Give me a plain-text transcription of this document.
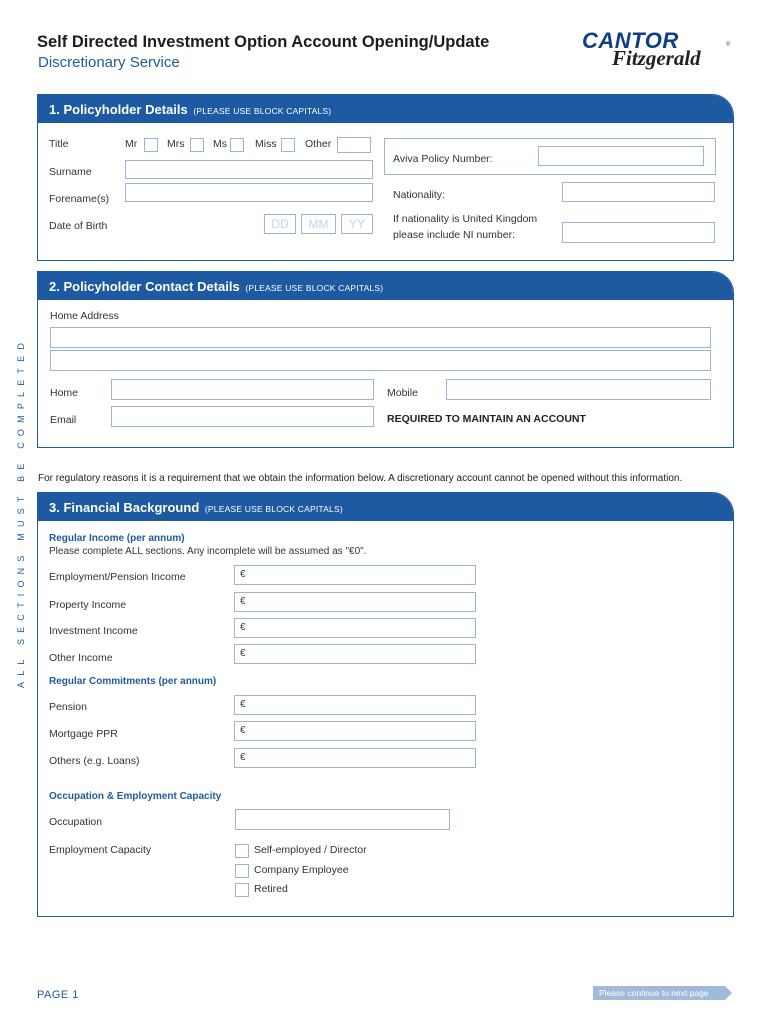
Self Directed Investment Option Account Opening/Update
Discretionary Service
CANTOR
Fitzgerald
®
ALL SECTIONS MUST BE COMPLETED
1. Policyholder Details (PLEASE USE BLOCK CAPITALS)
Title	Mr	Mrs	Ms	Miss	Other
Surname
Forename(s)
Date of Birth	DD	MM	YY
Aviva Policy Number:
Nationality:
If nationality is United Kingdom
please include NI number:
2. Policyholder Contact Details (PLEASE USE BLOCK CAPITALS)
Home Address
Home	Mobile
Email	REQUIRED TO MAINTAIN AN ACCOUNT
For regulatory reasons it is a requirement that we obtain the information below. A discretionary account cannot be opened without this information.
3. Financial Background (PLEASE USE BLOCK CAPITALS)
Regular Income (per annum)
Please complete ALL sections. Any incomplete will be assumed as "€0".
Employment/Pension Income	€
Property Income	€
Investment Income	€
Other Income	€
Regular Commitments (per annum)
Pension	€
Mortgage PPR	€
Others (e.g. Loans)	€
Occupation & Employment Capacity
Occupation
Employment Capacity	Self-employed / Director
Company Employee
Retired
PAGE 1	Please continue to next page
